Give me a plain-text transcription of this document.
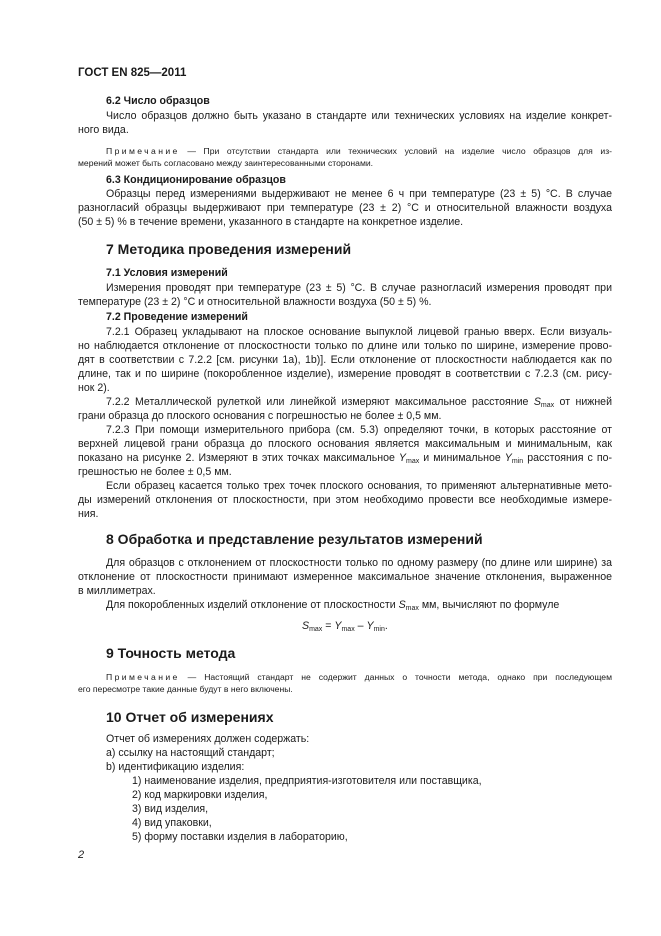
ГОСТ EN 825—2011
6.2 Число образцов
Число образцов должно быть указано в стандарте или технических условиях на изделие конкрет-
ного вида.
Примечание — При отсутствии стандарта или технических условий на изделие число образцов для из-
мерений может быть согласовано между заинтересованными сторонами.
6.3 Кондиционирование образцов
Образцы перед измерениями выдерживают не менее 6 ч при температуре (23 ± 5) °С. В случае
разногласий образцы выдерживают при температуре (23 ± 2) °С и относительной влажности воздуха
(50 ± 5) % в течение времени, указанного в стандарте на конкретное изделие.
7 Методика проведения измерений
7.1 Условия измерений
Измерения проводят при температуре (23 ± 5) °С. В случае разногласий измерения проводят при
температуре (23 ± 2) °С и относительной влажности воздуха (50 ± 5) %.
7.2 Проведение измерений
7.2.1 Образец укладывают на плоское основание выпуклой лицевой гранью вверх. Если визуаль-
но наблюдается отклонение от плоскостности только по длине или только по ширине, измерение прово-
дят в соответствии с 7.2.2 [см. рисунки 1а), 1b)]. Если отклонение от плоскостности наблюдается как по
длине, так и по ширине (покоробленное изделие), измерение проводят в соответствии с 7.2.3 (см. рису-
нок 2).
7.2.2 Металлической рулеткой или линейкой измеряют максимальное расстояние $S_{max}$ от нижней
грани образца до плоского основания с погрешностью не более ± 0,5 мм.
7.2.3 При помощи измерительного прибора (см. 5.3) определяют точки, в которых расстояние от
верхней лицевой грани образца до плоского основания является максимальным и минимальным, как
показано на рисунке 2. Измеряют в этих точках максимальное $Y_{max}$ и минимальное $Y_{min}$ расстояния с по-
грешностью не более ± 0,5 мм.
Если образец касается только трех точек плоского основания, то применяют альтернативные мето-
ды измерений отклонения от плоскостности, при этом необходимо провести все необходимые измере-
ния.
8 Обработка и представление результатов измерений
Для образцов с отклонением от плоскостности только по одному размеру (по длине или ширине) за
отклонение от плоскостности принимают измеренное максимальное значение отклонения, выраженное
в миллиметрах.
Для покоробленных изделий отклонение от плоскостности $S_{max}$ мм, вычисляют по формуле
$S_{max} = Y_{max} - Y_{min}$.
9 Точность метода
Примечание — Настоящий стандарт не содержит данных о точности метода, однако при последующем
его пересмотре такие данные будут в него включены.
10 Отчет об измерениях
Отчет об измерениях должен содержать:
a) ссылку на настоящий стандарт;
b) идентификацию изделия:
1) наименование изделия, предприятия-изготовителя или поставщика,
2) код маркировки изделия,
3) вид изделия,
4) вид упаковки,
5) форму поставки изделия в лабораторию,
2
